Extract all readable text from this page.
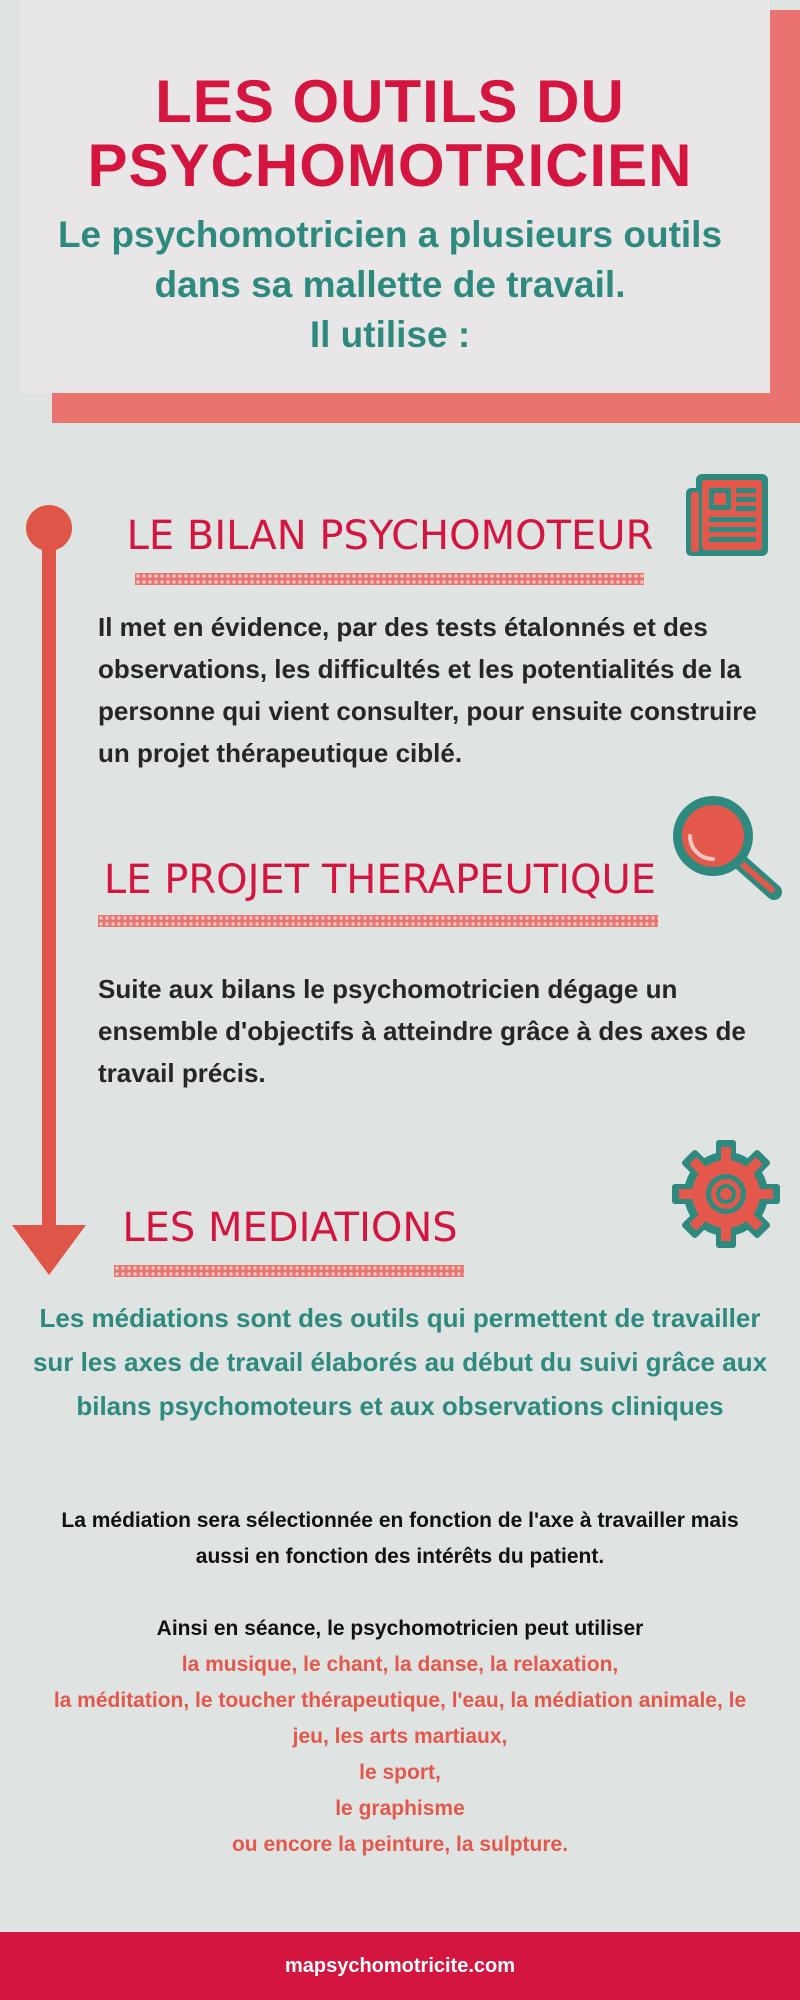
LES OUTILS DU
PSYCHOMOTRICIEN
Le psychomotricien a plusieurs outils
dans sa mallette de travail.
Il utilise :
LE BILAN PSYCHOMOTEUR
Il met en évidence, par des tests étalonnés et des
observations, les difficultés et les potentialités de la
personne qui vient consulter, pour ensuite construire
un projet thérapeutique ciblé.
LE PROJET THERAPEUTIQUE
Suite aux bilans le psychomotricien dégage un
ensemble d'objectifs à atteindre grâce à des axes de
travail précis.
LES MEDIATIONS
Les médiations sont des outils qui permettent de travailler
sur les axes de travail élaborés au début du suivi grâce aux
bilans psychomoteurs et aux observations cliniques
La médiation sera sélectionnée en fonction de l'axe à travailler mais
aussi en fonction des intérêts du patient.
Ainsi en séance, le psychomotricien peut utiliser
la musique, le chant, la danse, la relaxation,
la méditation, le toucher thérapeutique, l'eau, la médiation animale, le
jeu, les arts martiaux,
le sport,
le graphisme
ou encore la peinture, la sulpture.
mapsychomotricite.com
